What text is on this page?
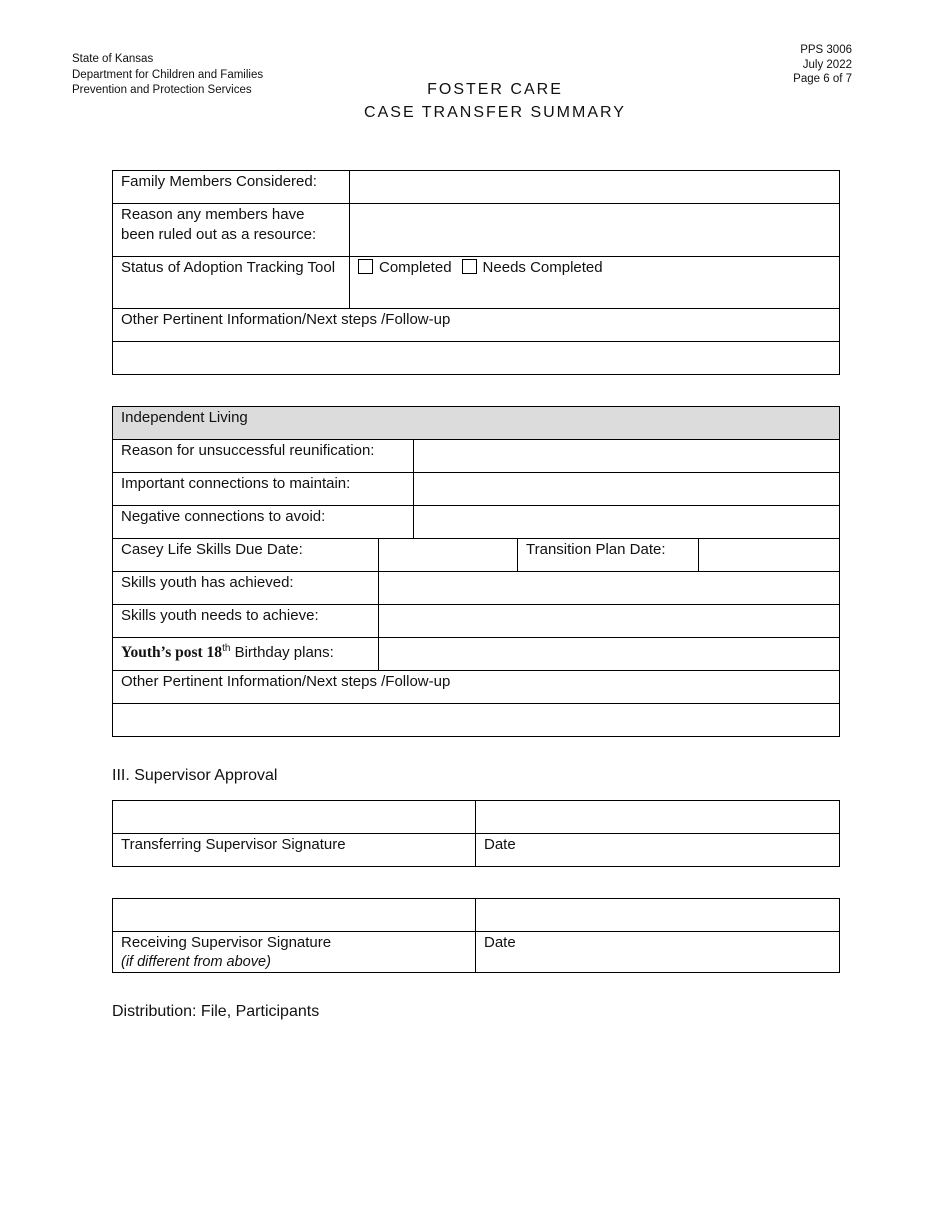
State of Kansas
Department for Children and Families
Prevention and Protection Services
PPS 3006
July 2022
Page 6 of 7
FOSTER CARE
CASE TRANSFER SUMMARY
Family Members Considered:	
Reason any members have been ruled out as a resource:	
Status of Adoption Tracking Tool	Completed Needs Completed
Other Pertinent Information/Next steps /Follow-up	

Independent Living				
Reason for unsuccessful reunification:				
Important connections to maintain:				
Negative connections to avoid:				
Casey Life Skills Due Date:			Transition Plan Date:	
Skills youth has achieved:				
Skills youth needs to achieve:				
Youth’s post 18th Birthday plans:				
Other Pertinent Information/Next steps /Follow-up				

III. Supervisor Approval

Transferring Supervisor Signature	Date

Receiving Supervisor Signature
(if different from above)	Date
Distribution: File, Participants
